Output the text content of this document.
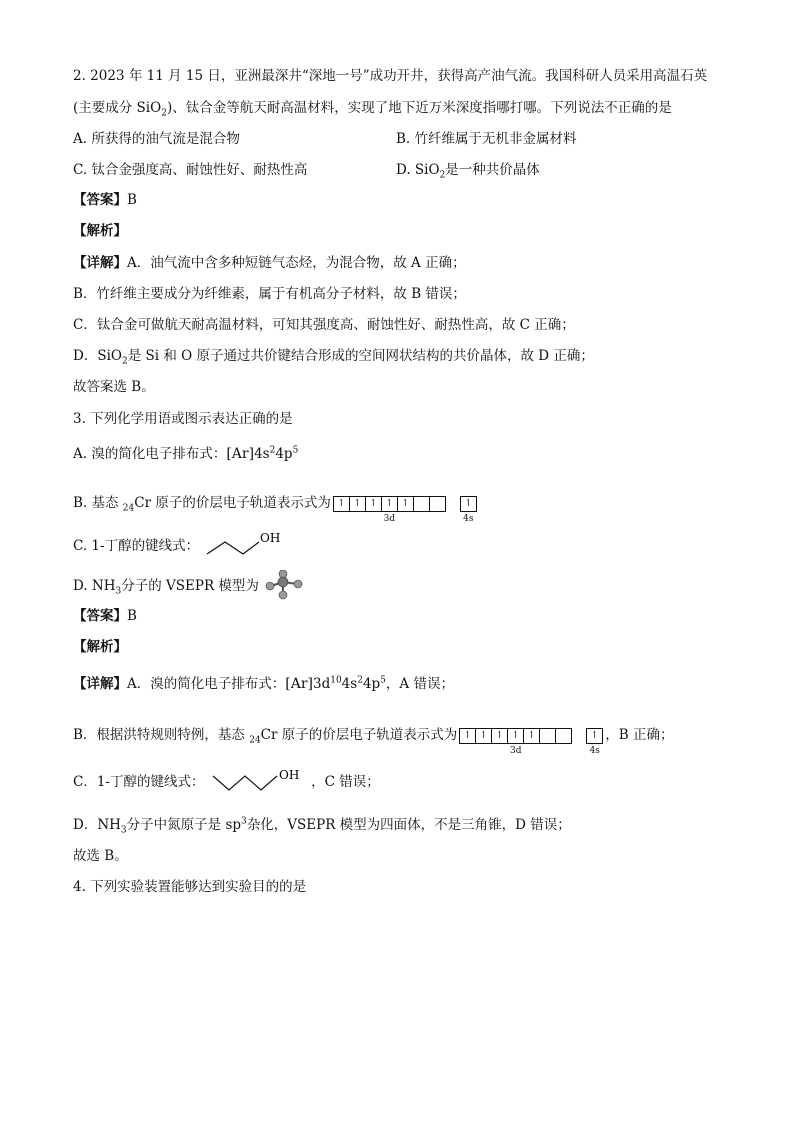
2. 2023 年 11 月 15 日，亚洲最深井“深地一号”成功开井，获得高产油气流。我国科研人员采用高温石英
(主要成分 SiO$_2$)、钛合金等航天耐高温材料，实现了地下近万米深度指哪打哪。下列说法不正确的是
A. 所获得的油气流是混合物	B. 竹纤维属于无机非金属材料
C. 钛合金强度高、耐蚀性好、耐热性高	D. SiO$_2$是一种共价晶体
【答案】B
【解析】
【详解】A．油气流中含多种短链气态烃，为混合物，故 A 正确；
B．竹纤维主要成分为纤维素，属于有机高分子材料，故 B 错误；
C．钛合金可做航天耐高温材料，可知其强度高、耐蚀性好、耐热性高，故 C 正确；
D．SiO$_2$是 Si 和 O 原子通过共价键结合形成的空间网状结构的共价晶体，故 D 正确；
故答案选 B。
3. 下列化学用语或图示表达正确的是
A. 溴的简化电子排布式：$[Ar]4s^24p^5$
B. 基态 $_{24}$Cr 原子的价层电子轨道表示式为 ↿ ↿ ↿ ↿ ↿
3d
↿
4s
C. 1-丁醇的键线式：	OH
D. $NH_3$分子的 VSEPR 模型为
【答案】B
【解析】
【详解】A．溴的简化电子排布式：$[Ar]3d^{10}4s^24p^5$，A 错误；
B．根据洪特规则特例，基态 $_{24}$Cr 原子的价层电子轨道表示式为 ↿ ↿ ↿ ↿ ↿
3d
↿
4s
，B 正确；
C．1-丁醇的键线式：	OH ，C 错误；
D．$NH_3$分子中氮原子是 $sp^3$杂化，VSEPR 模型为四面体，不是三角锥，D 错误；
故选 B。
4. 下列实验装置能够达到实验目的的是
